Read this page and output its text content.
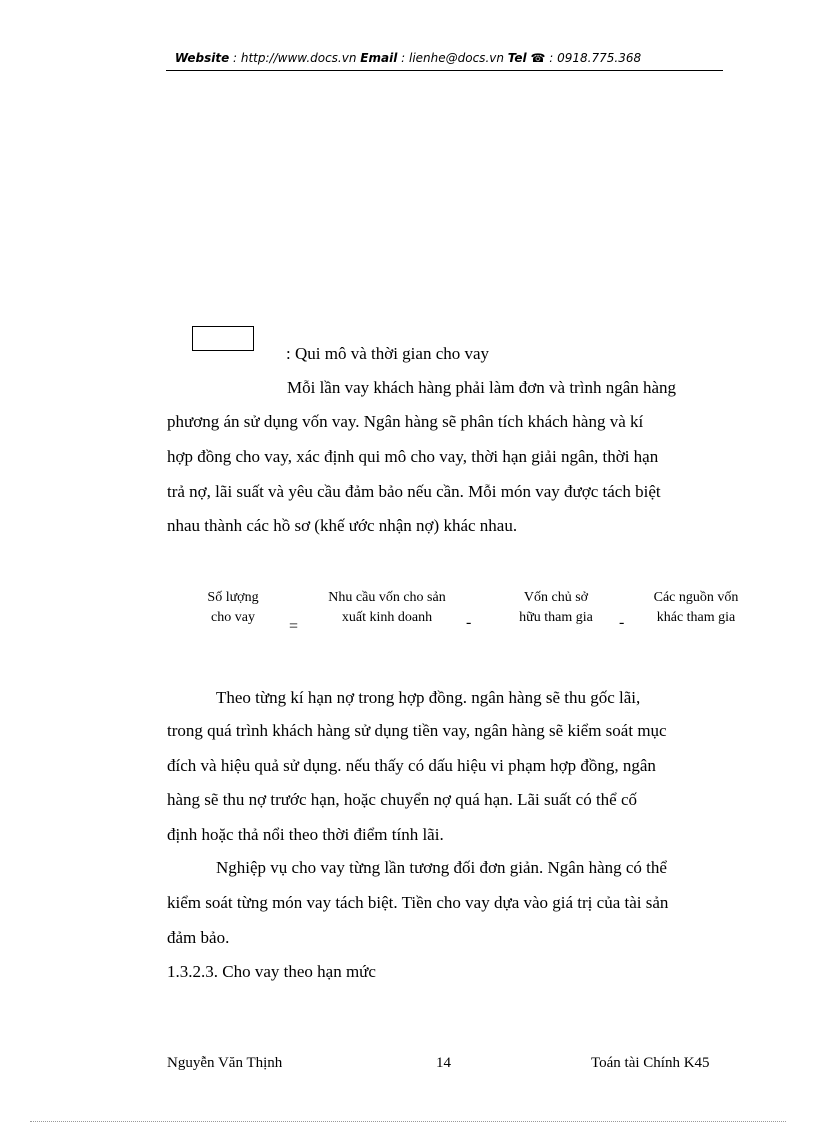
Website : http://www.docs.vn Email : lienhe@docs.vn Tel ☎ : 0918.775.368
: Qui mô và thời gian cho vay
Mỗi lần vay khách hàng phải làm đơn và trình ngân hàng
phương án sử dụng vốn vay. Ngân hàng sẽ phân tích khách hàng và kí
hợp đồng cho vay, xác định qui mô cho vay, thời hạn giải ngân, thời hạn
trả nợ, lãi suất và yêu cầu đảm bảo nếu cần. Mỗi món vay được tách biệt
nhau thành các hồ sơ (khế ước nhận nợ) khác nhau.
Số lượng
cho vay
=
Nhu cầu vốn cho sản
xuất kinh doanh	-
Vốn chủ sở
hữu tham gia	-
Các nguồn vốn
khác tham gia
Theo từng kí hạn nợ trong hợp đồng. ngân hàng sẽ thu gốc lãi,
trong quá trình khách hàng sử dụng tiền vay, ngân hàng sẽ kiểm soát mục
đích và hiệu quả sử dụng. nếu thấy có dấu hiệu vi phạm hợp đồng, ngân
hàng sẽ thu nợ trước hạn, hoặc chuyển nợ quá hạn. Lãi suất có thể cố
định hoặc thả nổi theo thời điểm tính lãi.
Nghiệp vụ cho vay từng lần tương đối đơn giản. Ngân hàng có thể
kiểm soát từng món vay tách biệt. Tiền cho vay dựa vào giá trị của tài sản
đảm bảo.
1.3.2.3. Cho vay theo hạn mức
Nguyễn Văn Thịnh	14	Toán tài Chính K45
